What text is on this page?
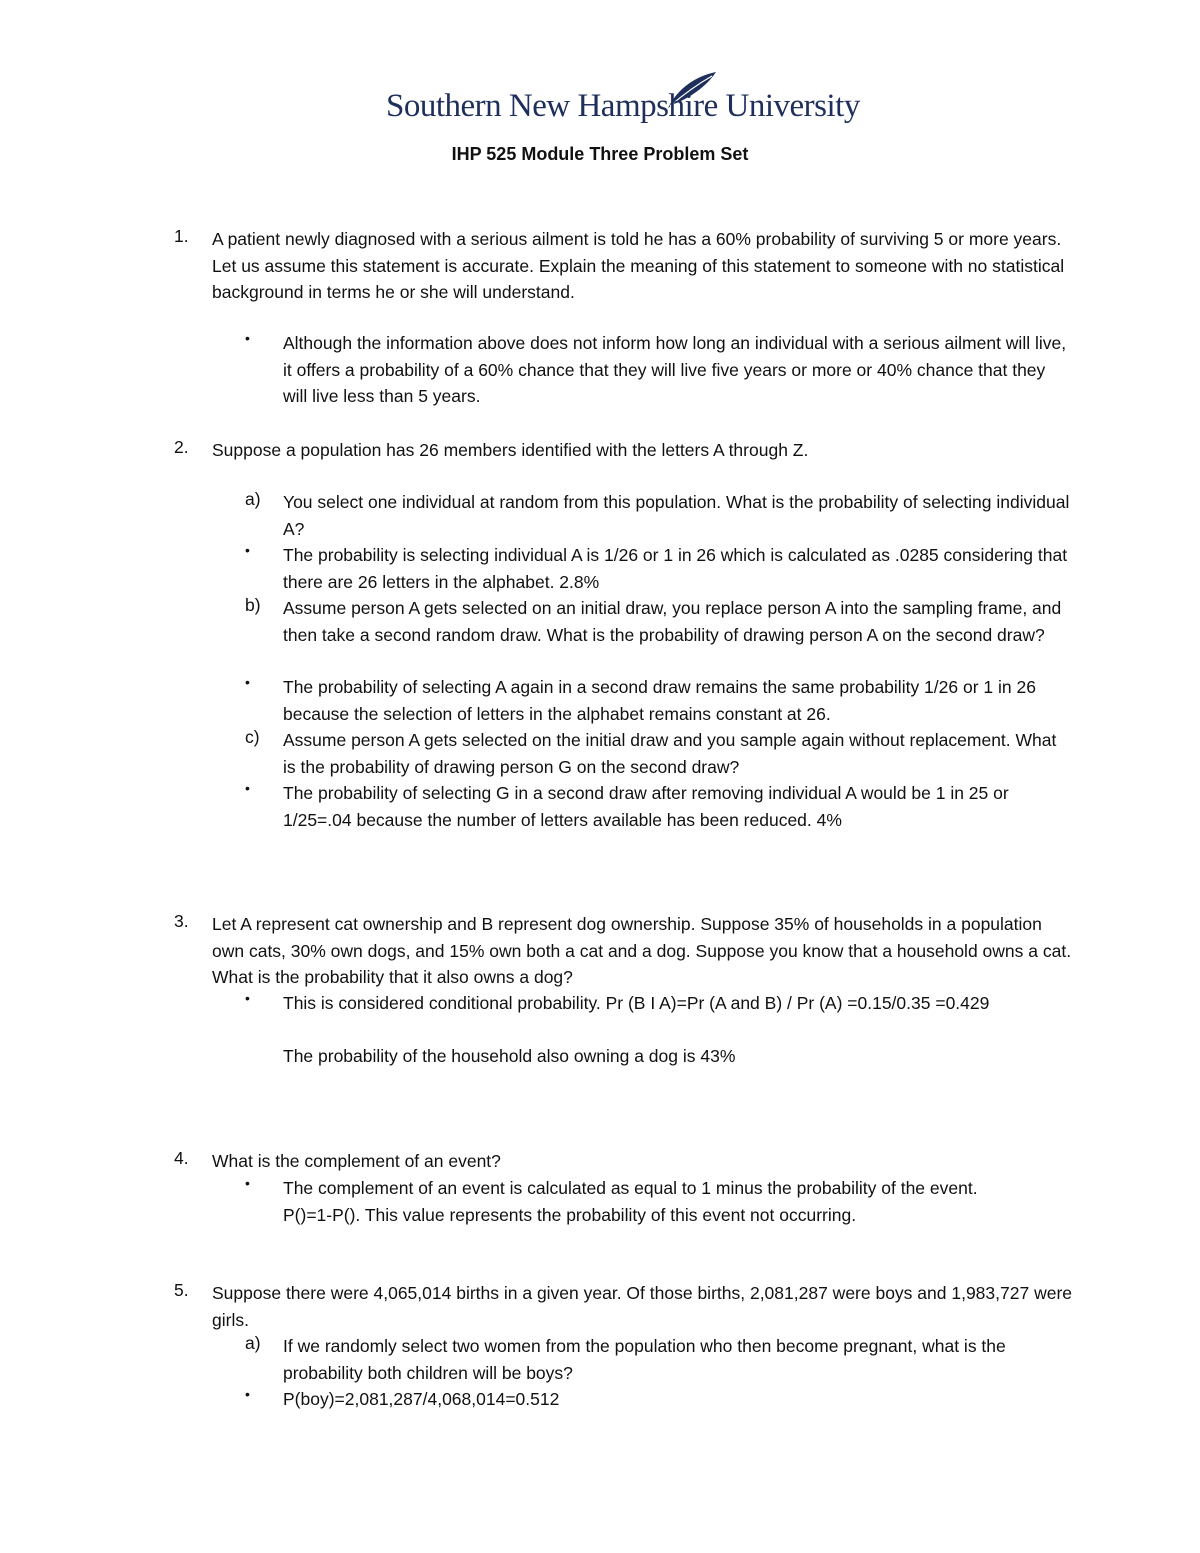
Southern New Hampshire University
IHP 525 Module Three Problem Set
1. A patient newly diagnosed with a serious ailment is told he has a 60% probability of surviving 5 or more years. Let us assume this statement is accurate. Explain the meaning of this statement to someone with no statistical background in terms he or she will understand.
• Although the information above does not inform how long an individual with a serious ailment will live, it offers a probability of a 60% chance that they will live five years or more or 40% chance that they will live less than 5 years.
2. Suppose a population has 26 members identified with the letters A through Z.
a) You select one individual at random from this population. What is the probability of selecting individual A?
• The probability is selecting individual A is 1/26 or 1 in 26 which is calculated as .0285 considering that there are 26 letters in the alphabet. 2.8%
b) Assume person A gets selected on an initial draw, you replace person A into the sampling frame, and then take a second random draw. What is the probability of drawing person A on the second draw?
• The probability of selecting A again in a second draw remains the same probability 1/26 or 1 in 26 because the selection of letters in the alphabet remains constant at 26.
c) Assume person A gets selected on the initial draw and you sample again without replacement. What is the probability of drawing person G on the second draw?
• The probability of selecting G in a second draw after removing individual A would be 1 in 25 or 1/25=.04 because the number of letters available has been reduced. 4%
3. Let A represent cat ownership and B represent dog ownership. Suppose 35% of households in a population own cats, 30% own dogs, and 15% own both a cat and a dog. Suppose you know that a household owns a cat. What is the probability that it also owns a dog?
• This is considered conditional probability. Pr (B I A)=Pr (A and B) / Pr (A) =0.15/0.35 =0.429
The probability of the household also owning a dog is 43%
4. What is the complement of an event?
• The complement of an event is calculated as equal to 1 minus the probability of the event. P()=1-P(). This value represents the probability of this event not occurring.
5. Suppose there were 4,065,014 births in a given year. Of those births, 2,081,287 were boys and 1,983,727 were girls.
a) If we randomly select two women from the population who then become pregnant, what is the probability both children will be boys?
• P(boy)=2,081,287/4,068,014=0.512
